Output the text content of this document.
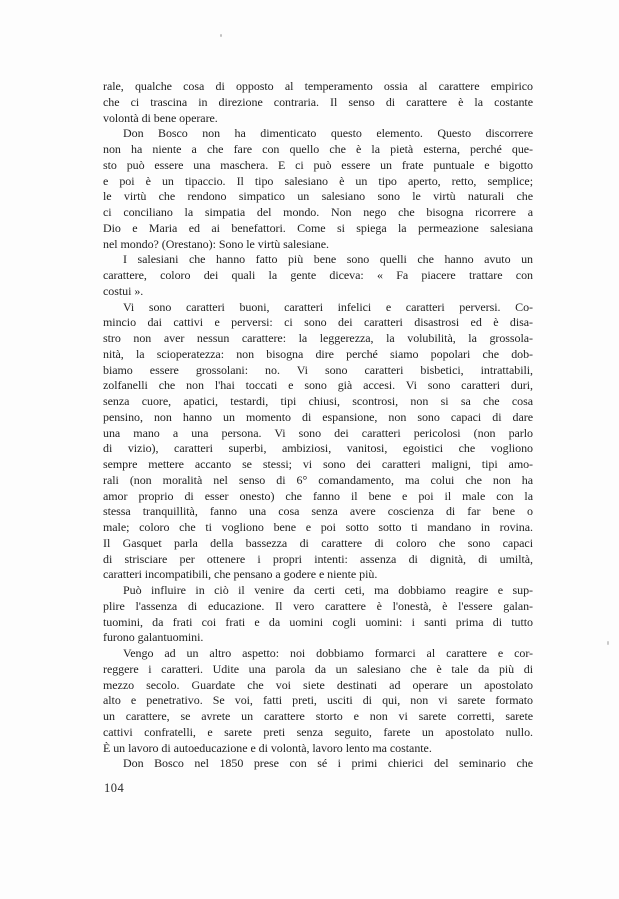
rale, qualche cosa di opposto al temperamento ossia al carattere empirico
che ci trascina in direzione contraria. Il senso di carattere è la costante
volontà di bene operare.
Don Bosco non ha dimenticato questo elemento. Questo discorrere
non ha niente a che fare con quello che è la pietà esterna, perché que-
sto può essere una maschera. E ci può essere un frate puntuale e bigotto
e poi è un tipaccio. Il tipo salesiano è un tipo aperto, retto, semplice;
le virtù che rendono simpatico un salesiano sono le virtù naturali che
ci conciliano la simpatia del mondo. Non nego che bisogna ricorrere a
Dio e Maria ed ai benefattori. Come si spiega la permeazione salesiana
nel mondo? (Orestano): Sono le virtù salesiane.
I salesiani che hanno fatto più bene sono quelli che hanno avuto un
carattere, coloro dei quali la gente diceva: « Fa piacere trattare con
costui ».
Vi sono caratteri buoni, caratteri infelici e caratteri perversi. Co-
mincio dai cattivi e perversi: ci sono dei caratteri disastrosi ed è disa-
stro non aver nessun carattere: la leggerezza, la volubilità, la grossola-
nità, la scioperatezza: non bisogna dire perché siamo popolari che dob-
biamo essere grossolani: no. Vi sono caratteri bisbetici, intrattabili,
zolfanelli che non l'hai toccati e sono già accesi. Vi sono caratteri duri,
senza cuore, apatici, testardi, tipi chiusi, scontrosi, non si sa che cosa
pensino, non hanno un momento di espansione, non sono capaci di dare
una mano a una persona. Vi sono dei caratteri pericolosi (non parlo
di vizio), caratteri superbi, ambiziosi, vanitosi, egoistici che vogliono
sempre mettere accanto se stessi; vi sono dei caratteri maligni, tipi amo-
rali (non moralità nel senso di 6° comandamento, ma colui che non ha
amor proprio di esser onesto) che fanno il bene e poi il male con la
stessa tranquillità, fanno una cosa senza avere coscienza di far bene o
male; coloro che ti vogliono bene e poi sotto sotto ti mandano in rovina.
Il Gasquet parla della bassezza di carattere di coloro che sono capaci
di strisciare per ottenere i propri intenti: assenza di dignità, di umiltà,
caratteri incompatibili, che pensano a godere e niente più.
Può influire in ciò il venire da certi ceti, ma dobbiamo reagire e sup-
plire l'assenza di educazione. Il vero carattere è l'onestà, è l'essere galan-
tuomini, da frati coi frati e da uomini cogli uomini: i santi prima di tutto
furono galantuomini.
Vengo ad un altro aspetto: noi dobbiamo formarci al carattere e cor-
reggere i caratteri. Udite una parola da un salesiano che è tale da più di
mezzo secolo. Guardate che voi siete destinati ad operare un apostolato
alto e penetrativo. Se voi, fatti preti, usciti di qui, non vi sarete formato
un carattere, se avrete un carattere storto e non vi sarete corretti, sarete
cattivi confratelli, e sarete preti senza seguito, farete un apostolato nullo.
È un lavoro di autoeducazione e di volontà, lavoro lento ma costante.
Don Bosco nel 1850 prese con sé i primi chierici del seminario che
104
